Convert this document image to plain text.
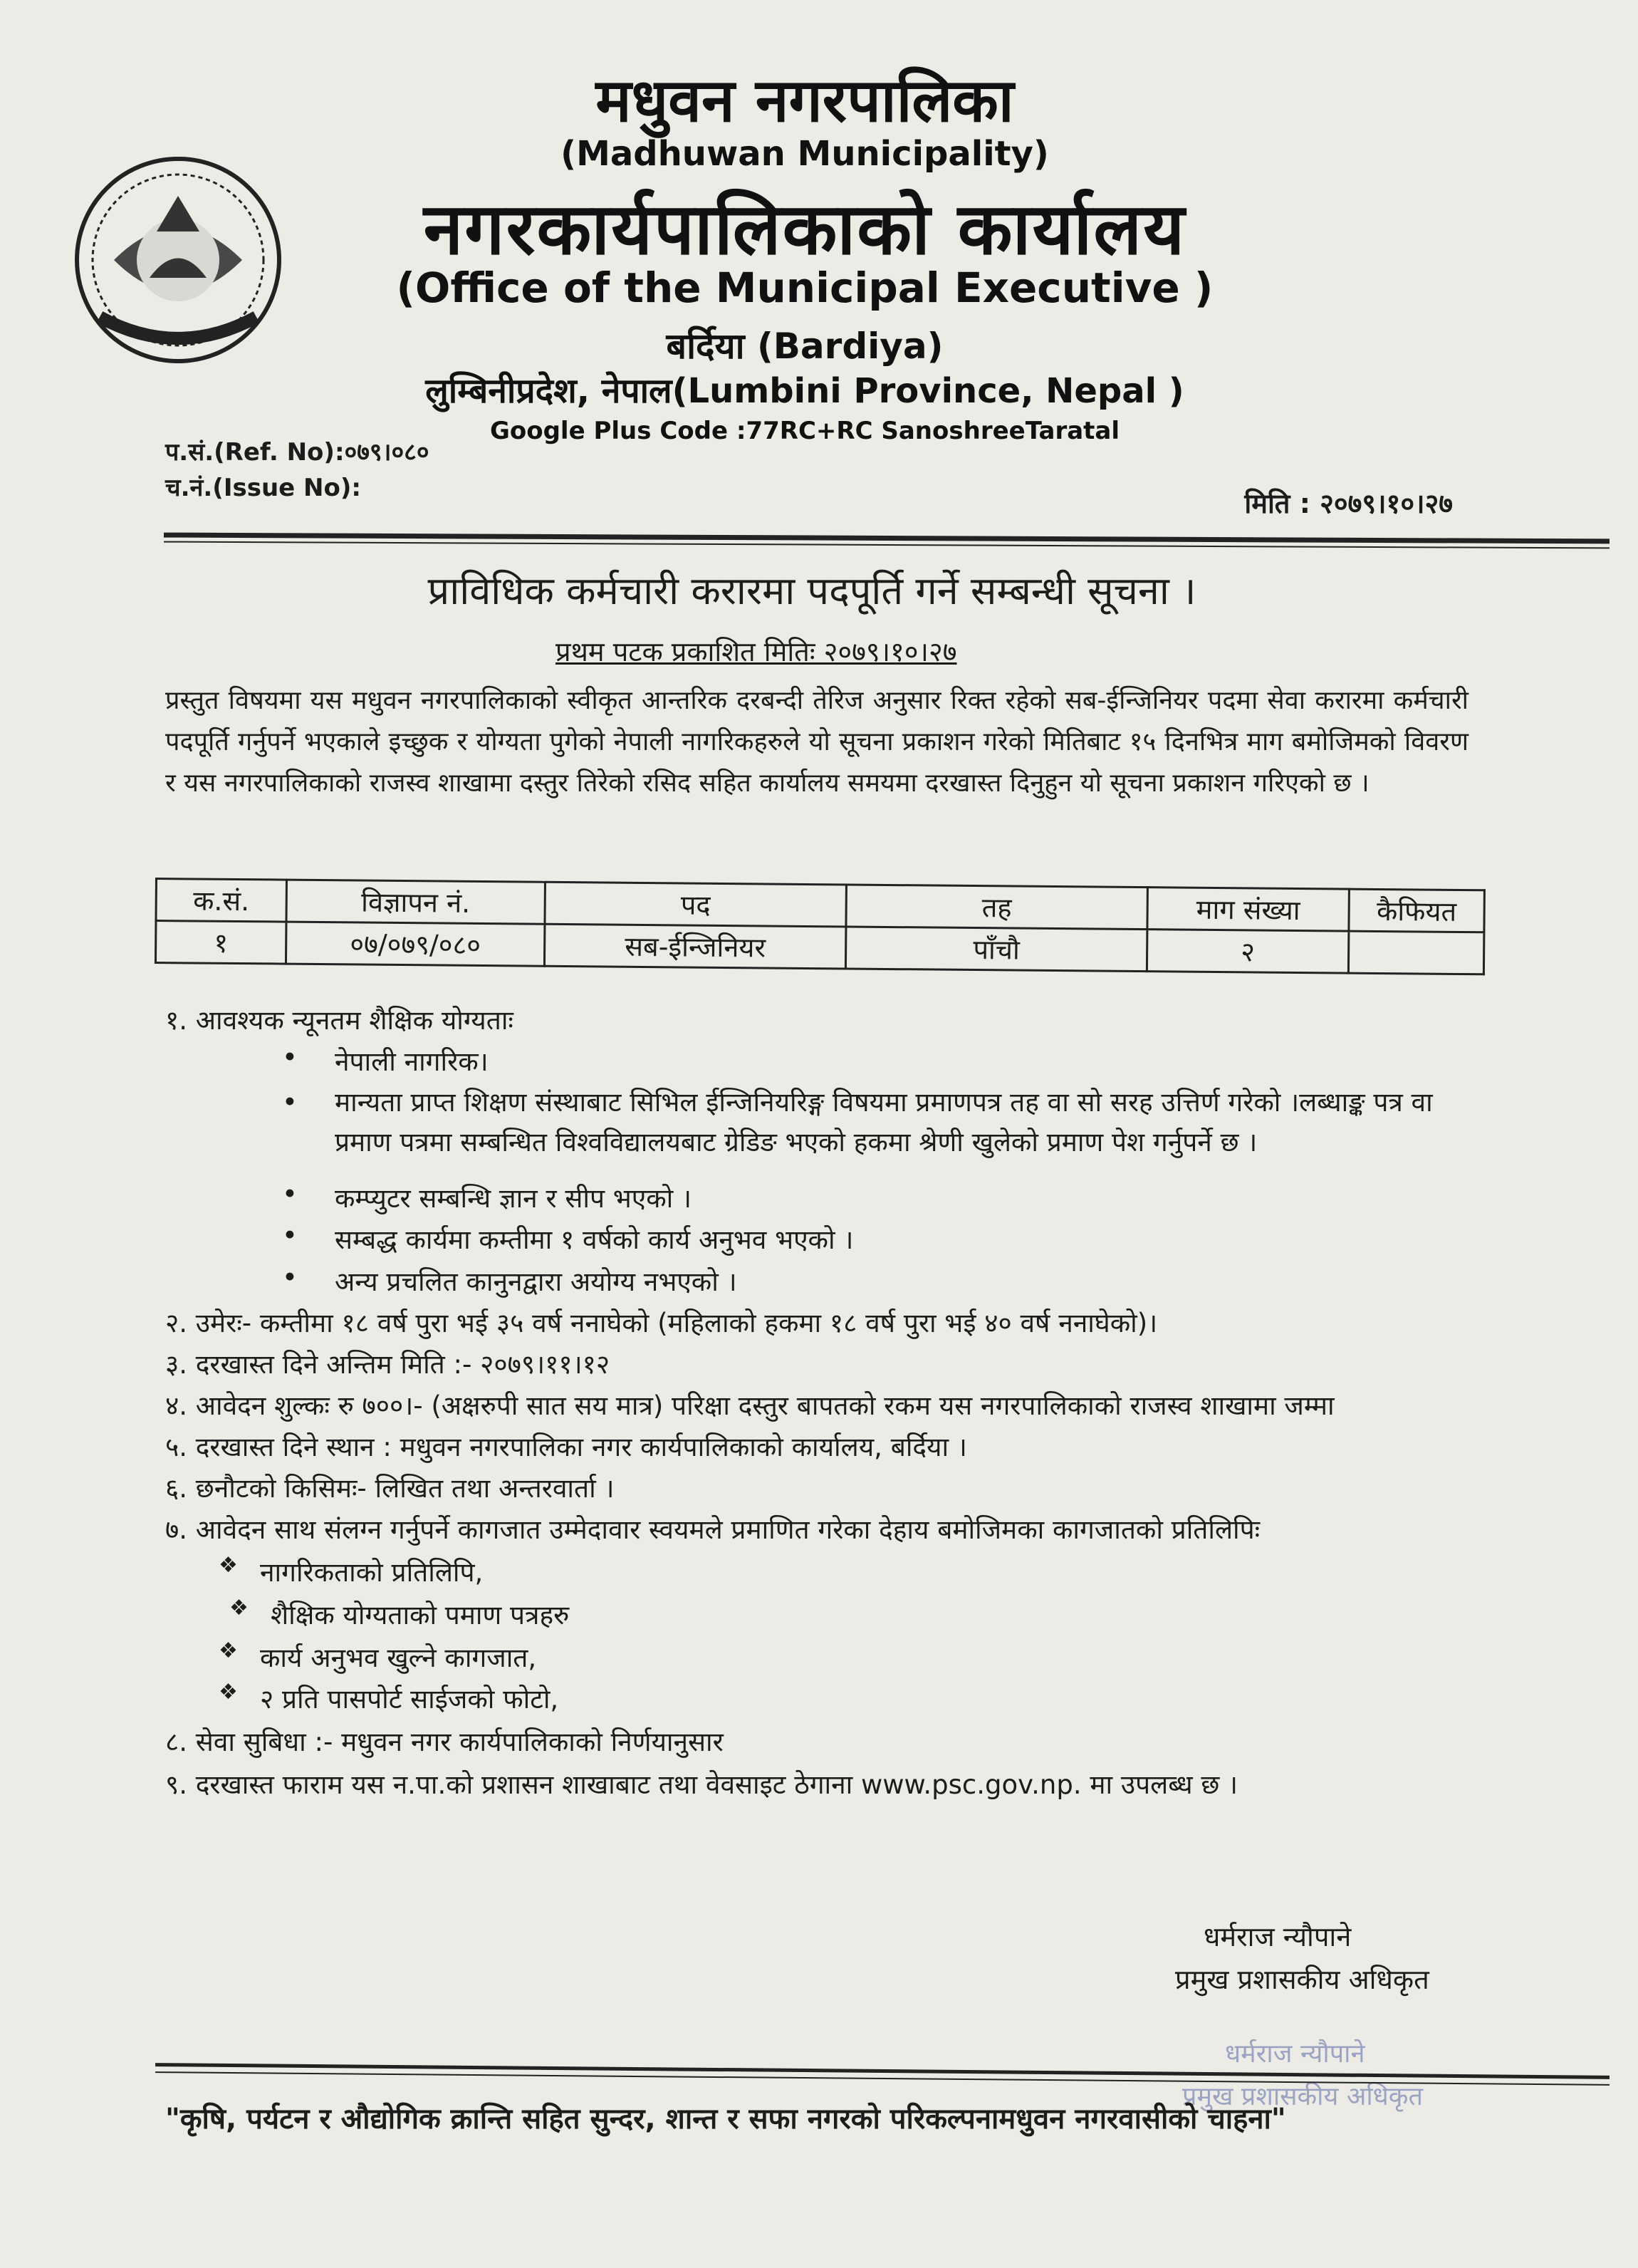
मधुवन नगरपालिका
(Madhuwan Municipality)
नगरकार्यपालिकाको कार्यालय
(Office of the Municipal Executive )
बर्दिया (Bardiya)
लुम्बिनीप्रदेश, नेपाल(Lumbini Province, Nepal )
Google Plus Code :77RC+RC SanoshreeTaratal
प.सं.(Ref. No):०७९।०८०
च.नं.(Issue No):	मिति : २०७९।१०।२७
प्राविधिक कर्मचारी करारमा पदपूर्ति गर्ने सम्बन्धी सूचना ।
प्रथम पटक प्रकाशित मितिः २०७९।१०।२७
प्रस्तुत विषयमा यस मधुवन नगरपालिकाको स्वीकृत आन्तरिक दरबन्दी तेरिज अनुसार रिक्त रहेको सब-ईन्जिनियर पदमा सेवा करारमा कर्मचारी पदपूर्ति गर्नुपर्ने भएकाले इच्छुक र योग्यता पुगेको नेपाली नागरिकहरुले यो सूचना प्रकाशन गरेको मितिबाट १५ दिनभित्र माग बमोजिमको विवरण र यस नगरपालिकाको राजस्व शाखामा दस्तुर तिरेको रसिद सहित कार्यालय समयमा दरखास्त दिनुहुन यो सूचना प्रकाशन गरिएको छ ।
क.सं.	विज्ञापन नं.	पद	तह	माग संख्या	कैफियत
१	०७/०७९/०८०	सब-ईन्जिनियर	पाँचौ	२	
१. आवश्यक न्यूनतम शैक्षिक योग्यताः
• नेपाली नागरिक।
• मान्यता प्राप्त शिक्षण संस्थाबाट सिभिल ईन्जिनियरिङ्ग विषयमा प्रमाणपत्र तह वा सो सरह उत्तिर्ण गरेको ।लब्धाङ्क पत्र वा प्रमाण पत्रमा सम्बन्धित विश्वविद्यालयबाट ग्रेडिङ भएको हकमा श्रेणी खुलेको प्रमाण पेश गर्नुपर्ने छ ।
• कम्प्युटर सम्बन्धि ज्ञान र सीप भएको ।
• सम्बद्ध कार्यमा कम्तीमा १ वर्षको कार्य अनुभव भएको ।
• अन्य प्रचलित कानुनद्वारा अयोग्य नभएको ।
२. उमेरः- कम्तीमा १८ वर्ष पुरा भई ३५ वर्ष ननाघेको (महिलाको हकमा १८ वर्ष पुरा भई ४० वर्ष ननाघेको)।
३. दरखास्त दिने अन्तिम मिति :- २०७९।११।१२
४. आवेदन शुल्कः रु ७००।- (अक्षरुपी सात सय मात्र) परिक्षा दस्तुर बापतको रकम यस नगरपालिकाको राजस्व शाखामा जम्मा
५. दरखास्त दिने स्थान : मधुवन नगरपालिका नगर कार्यपालिकाको कार्यालय, बर्दिया ।
६. छनौटको किसिमः- लिखित तथा अन्तरवार्ता ।
७. आवेदन साथ संलग्न गर्नुपर्ने कागजात उम्मेदावार स्वयमले प्रमाणित गरेका देहाय बमोजिमका कागजातको प्रतिलिपिः
❖ नागरिकताको प्रतिलिपि,
❖ शैक्षिक योग्यताको पमाण पत्रहरु
❖ कार्य अनुभव खुल्ने कागजात,
❖ २ प्रति पासपोर्ट साईजको फोटो,
८. सेवा सुबिधा :- मधुवन नगर कार्यपालिकाको निर्णयानुसार
९. दरखास्त फाराम यस न.पा.को प्रशासन शाखाबाट तथा वेवसाइट ठेगाना www.psc.gov.np. मा उपलब्ध छ ।
धर्मराज न्यौपाने
प्रमुख प्रशासकीय अधिकृत
धर्मराज न्यौपाने
प्रमुख प्रशासकीय अधिकृत
"कृषि, पर्यटन र औद्योगिक क्रान्ति सहित सुन्दर, शान्त र सफा नगरको परिकल्पनामधुवन नगरवासीको चाहना"
